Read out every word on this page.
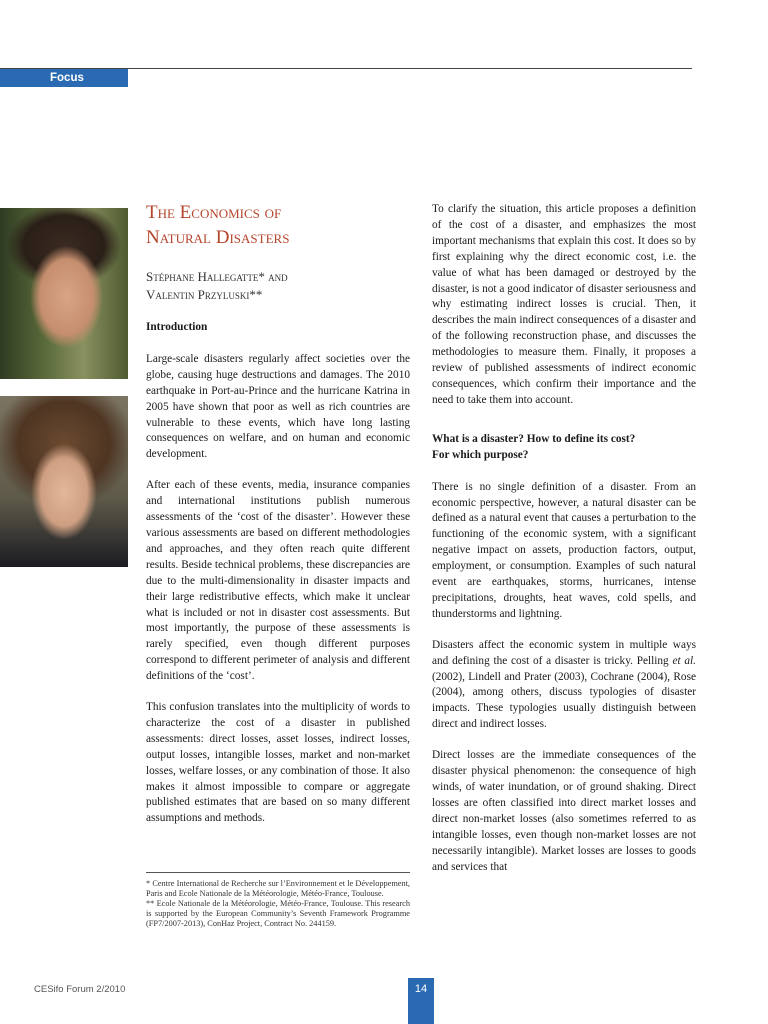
Focus
The Economics of
Natural Disasters
Stéphane Hallegatte* and
Valentin Przyluski**
Introduction

Large-scale disasters regularly affect societies over the globe, causing huge destructions and damages. The 2010 earthquake in Port-au-Prince and the hurricane Katrina in 2005 have shown that poor as well as rich countries are vulnerable to these events, which have long lasting consequences on welfare, and on human and economic development.

After each of these events, media, insurance companies and international institutions publish numerous assessments of the ‘cost of the disaster’. However these various assessments are based on different methodologies and approaches, and they often reach quite different results. Beside technical problems, these discrepancies are due to the multi-dimensionality in disaster impacts and their large redistributive effects, which make it unclear what is included or not in disaster cost assessments. But most importantly, the purpose of these assessments is rarely specified, even though different purposes correspond to different perimeter of analysis and different definitions of the ‘cost’.

This confusion translates into the multiplicity of words to characterize the cost of a disaster in published assessments: direct losses, asset losses, indirect losses, output losses, intangible losses, market and non-market losses, welfare losses, or any combination of those. It also makes it almost impossible to compare or aggregate published estimates that are based on so many different assumptions and methods.

To clarify the situation, this article proposes a definition of the cost of a disaster, and emphasizes the most important mechanisms that explain this cost. It does so by first explaining why the direct economic cost, i.e. the value of what has been damaged or destroyed by the disaster, is not a good indicator of disaster seriousness and why estimating indirect losses is crucial. Then, it describes the main indirect consequences of a disaster and of the following reconstruction phase, and discusses the methodologies to measure them. Finally, it proposes a review of published assessments of indirect economic consequences, which confirm their importance and the need to take them into account.

What is a disaster? How to define its cost?
For which purpose?

There is no single definition of a disaster. From an economic perspective, however, a natural disaster can be defined as a natural event that causes a perturbation to the functioning of the economic system, with a significant negative impact on assets, production factors, output, employment, or consumption. Examples of such natural event are earthquakes, storms, hurricanes, intense precipitations, droughts, heat waves, cold spells, and thunderstorms and lightning.

Disasters affect the economic system in multiple ways and defining the cost of a disaster is tricky. Pelling et al. (2002), Lindell and Prater (2003), Cochrane (2004), Rose (2004), among others, discuss typologies of disaster impacts. These typologies usually distinguish between direct and indirect losses.

Direct losses are the immediate consequences of the disaster physical phenomenon: the consequence of high winds, of water inundation, or of ground shaking. Direct losses are often classified into direct market losses and direct non-market losses (also sometimes referred to as intangible losses, even though non-market losses are not necessarily intangible). Market losses are losses to goods and services that

* Centre International de Recherche sur l’Environnement et le Développement, Paris and Ecole Nationale de la Météorologie, Météo-France, Toulouse.
** Ecole Nationale de la Météorologie, Météo-France, Toulouse. This research is supported by the European Community’s Seventh Framework Programme (FP7/2007-2013), ConHaz Project, Contract No. 244159.
CESifo Forum 2/2010	14
